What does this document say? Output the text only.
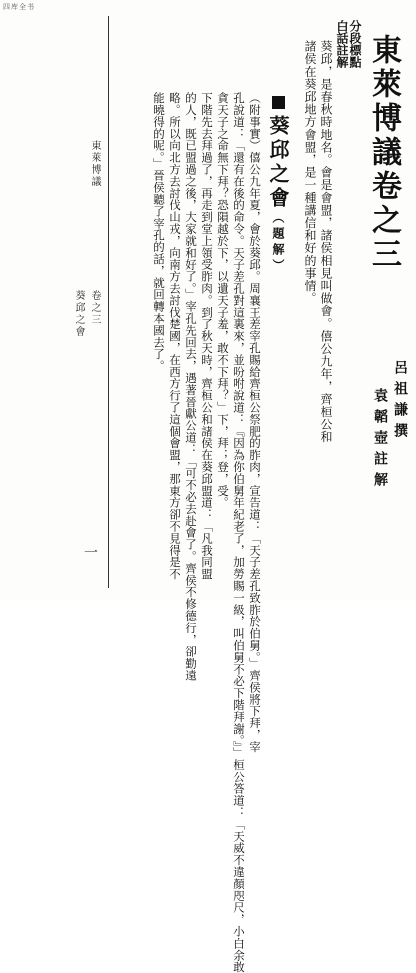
四库全书
東萊博議卷之三
分段標點
白話註解
呂祖謙撰
袁韜壺註解
葵邱，是春秋時地名。會是會盟，諸侯相見叫做會。僖公九年，齊桓公和
諸侯在葵邱地方會盟，是一種講信和好的事情。
葵邱之會（題解）
（附事實）僖公九年夏，會於葵邱。周襄王差宰孔賜給齊桓公祭肥的胙肉，宣告道：「天子差孔致胙於伯舅。」齊侯將下拜，宰
孔說道：「還有在後的命令。天子差孔對這裏來，並吩咐說道：『因為你伯舅年紀老了，加勞賜一級，叫伯舅不必下階拜謝。』」桓公答道：「天威不違顏咫尺，小白余敢
貪天子之命無下拜？恐隕越於下，以遺天子羞，敢不下拜？」下，拜；登，受。
下階先去拜過了，再走到堂上領受胙肉。到了秋天時，齊桓公和諸侯在葵邱盟道：「凡我同盟
的人，既已盟過之後，大家就和好了。」宰孔先回去，遇著晉獻公道：「可不必去赴會了。齊侯不修德行，卻勤遠
略。所以向北方去討伐山戎，向南方去討伐楚國，在西方行了這個會盟，那東方卻不見得是不
能曉得的呢。」晉侯聽了宰孔的話，就回轉本國去了。
東萊博議
卷之三
葵邱之會
一
